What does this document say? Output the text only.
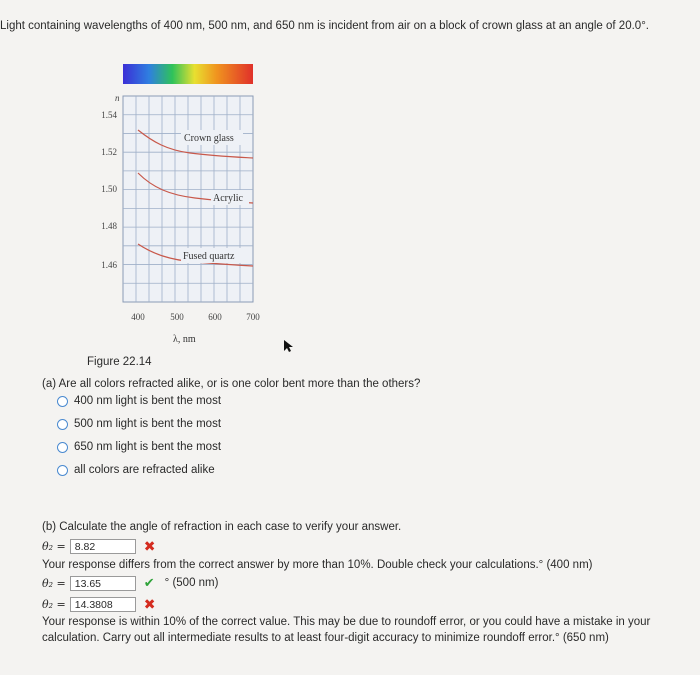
Light containing wavelengths of 400 nm, 500 nm, and 650 nm is incident from air on a block of crown glass at an angle of 20.0°.
n
1.54
1.52
1.50
1.48
1.46
400	500	600	700
Crown glass
Acrylic
Fused quartz
λ, nm
Figure 22.14
(a) Are all colors refracted alike, or is one color bent more than the others?
400 nm light is bent the most
500 nm light is bent the most
650 nm light is bent the most
all colors are refracted alike
(b) Calculate the angle of refraction in each case to verify your answer.
θ₂ = 8.82	✖
Your response differs from the correct answer by more than 10%. Double check your calculations.° (400 nm)
θ₂ = 13.65	✔ ° (500 nm)
θ₂ = 14.3808	✖
Your response is within 10% of the correct value. This may be due to roundoff error, or you could have a mistake in your calculation. Carry out all intermediate results to at least four-digit accuracy to minimize roundoff error.° (650 nm)
